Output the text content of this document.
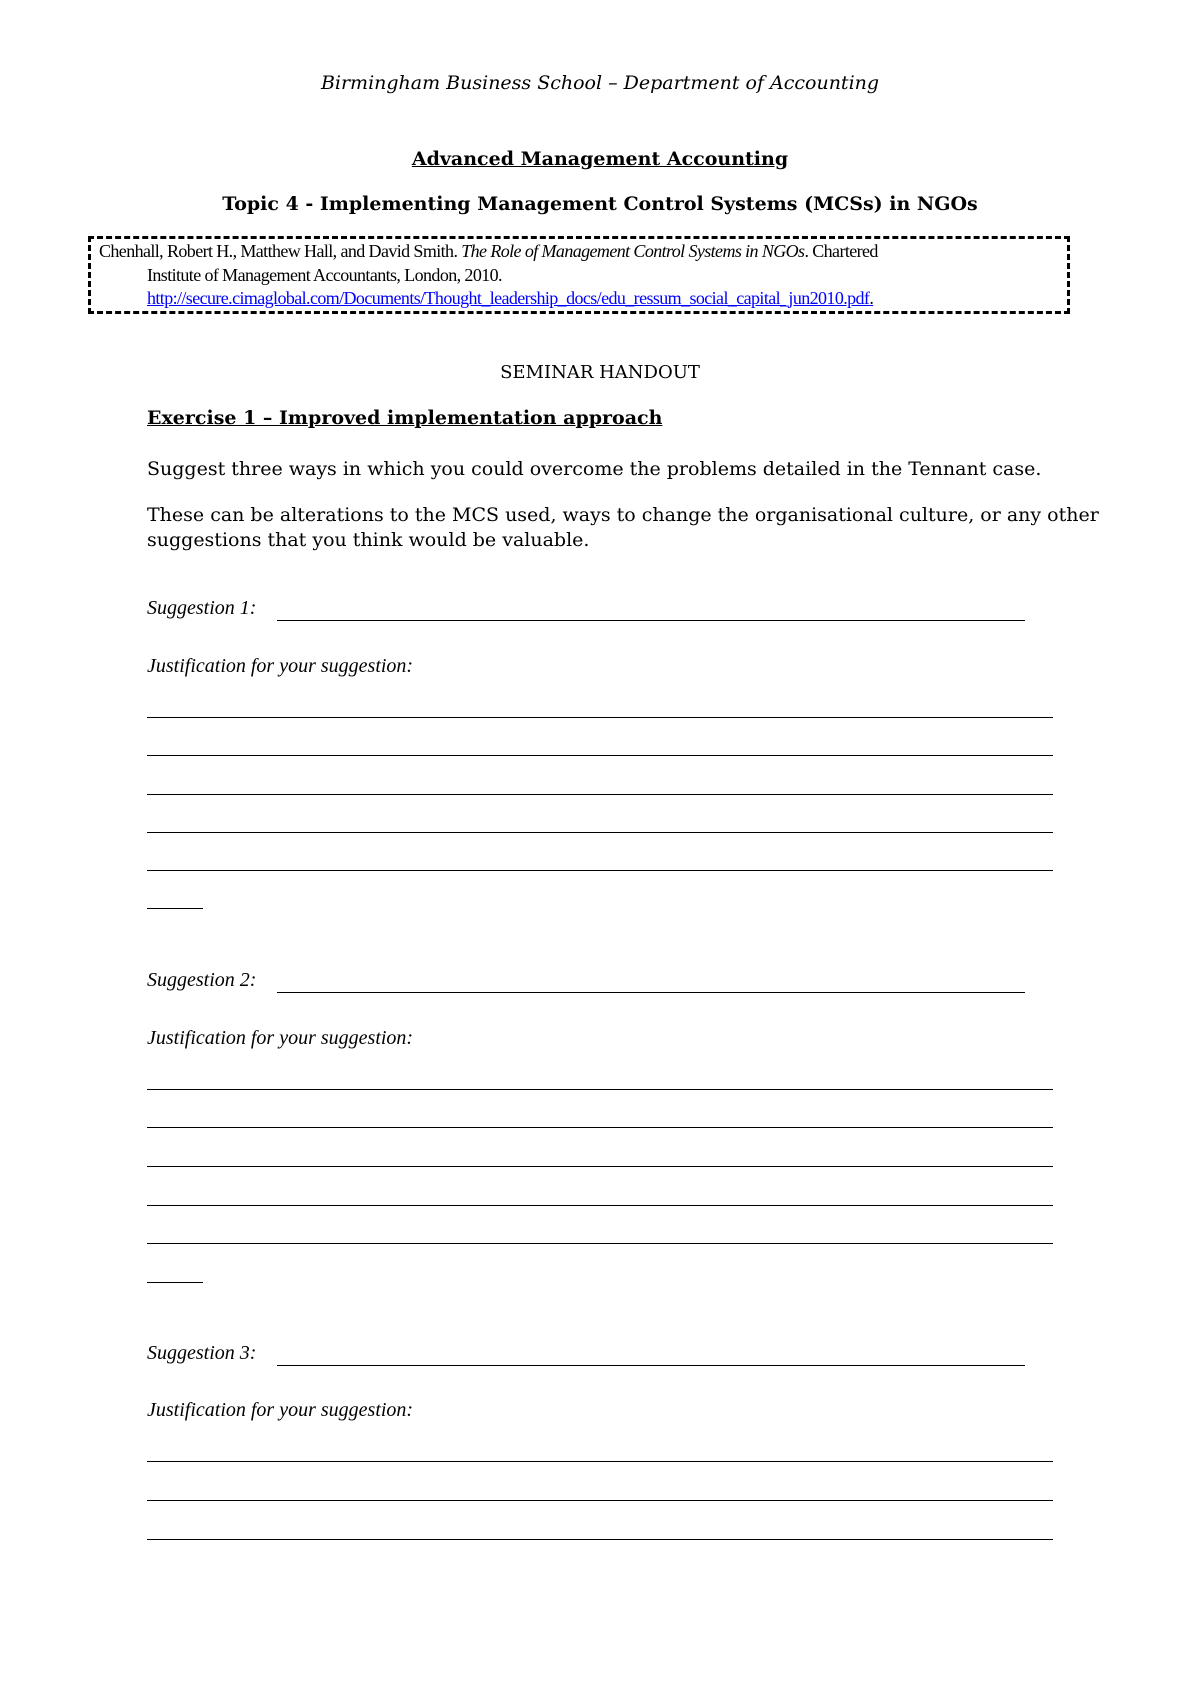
Birmingham Business School – Department of Accounting
Advanced Management Accounting
Topic 4 - Implementing Management Control Systems (MCSs) in NGOs
Chenhall, Robert H., Matthew Hall, and David Smith. The Role of Management Control Systems in NGOs. Chartered
Institute of Management Accountants, London, 2010.
http://secure.cimaglobal.com/Documents/Thought_leadership_docs/edu_ressum_social_capital_jun2010.pdf.
SEMINAR HANDOUT
Exercise 1 – Improved implementation approach
Suggest three ways in which you could overcome the problems detailed in the Tennant case.
These can be alterations to the MCS used, ways to change the organisational culture, or any other
suggestions that you think would be valuable.
Suggestion 1:
Justification for your suggestion:
Suggestion 2:
Justification for your suggestion:
Suggestion 3:
Justification for your suggestion:
